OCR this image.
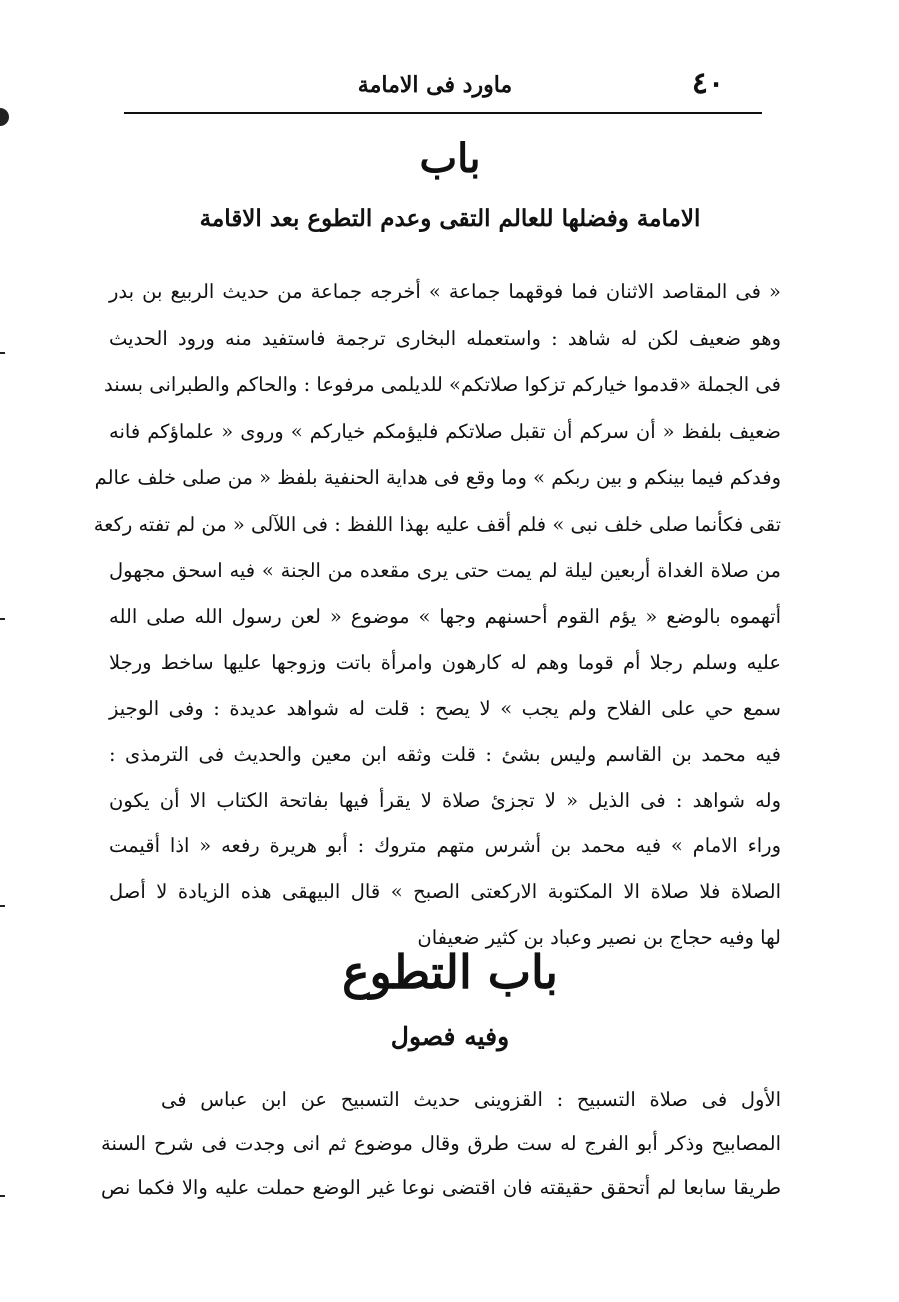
٤٠
ماورد فى الامامة
باب
الامامة وفضلها للعالم التقى وعدم التطوع بعد الاقامة
« فى المقاصد الاثنان فما فوقهما جماعة » أخرجه جماعة من حديث الربيع بن بدر
وهو ضعيف لكن له شاهد : واستعمله البخارى ترجمة فاستفيد منه ورود الحديث
فى الجملة «قدموا خياركم تزكوا صلاتكم» للديلمى مرفوعا : والحاكم والطبرانى بسند
ضعيف بلفظ « أن سركم أن تقبل صلاتكم فليؤمكم خياركم » وروى « علماؤكم فانه
وفدكم فيما بينكم و بين ربكم » وما وقع فى هداية الحنفية بلفظ « من صلى خلف عالم
تقى فكأنما صلى خلف نبى » فلم أقف عليه بهذا اللفظ : فى اللآلى « من لم تفته ركعة
من صلاة الغداة أربعين ليلة لم يمت حتى يرى مقعده من الجنة » فيه اسحق مجهول
أتهموه بالوضع « يؤم القوم أحسنهم وجها » موضوع « لعن رسول الله صلى الله
عليه وسلم رجلا أم قوما وهم له كارهون وامرأة باتت وزوجها عليها ساخط ورجلا
سمع حي على الفلاح ولم يجب » لا يصح : قلت له شواهد عديدة : وفى الوجيز
فيه محمد بن القاسم وليس بشئ : قلت وثقه ابن معين والحديث فى الترمذى :
وله شواهد : فى الذيل « لا تجزئ صلاة لا يقرأ فيها بفاتحة الكتاب الا أن يكون
وراء الامام » فيه محمد بن أشرس متهم متروك : أبو هريرة رفعه « اذا أقيمت
الصلاة فلا صلاة الا المكتوبة الاركعتى الصبح » قال البيهقى هذه الزيادة لا أصل
لها وفيه حجاج بن نصير وعباد بن كثير ضعيفان
باب التطوع
وفيه فصول
الأول فى صلاة التسبيح : القزوينى حديث التسبيح عن ابن عباس فى
المصابيح وذكر أبو الفرج له ست طرق وقال موضوع ثم انى وجدت فى شرح السنة
طريقا سابعا لم أتحقق حقيقته فان اقتضى نوعا غير الوضع حملت عليه والا فكما نص
